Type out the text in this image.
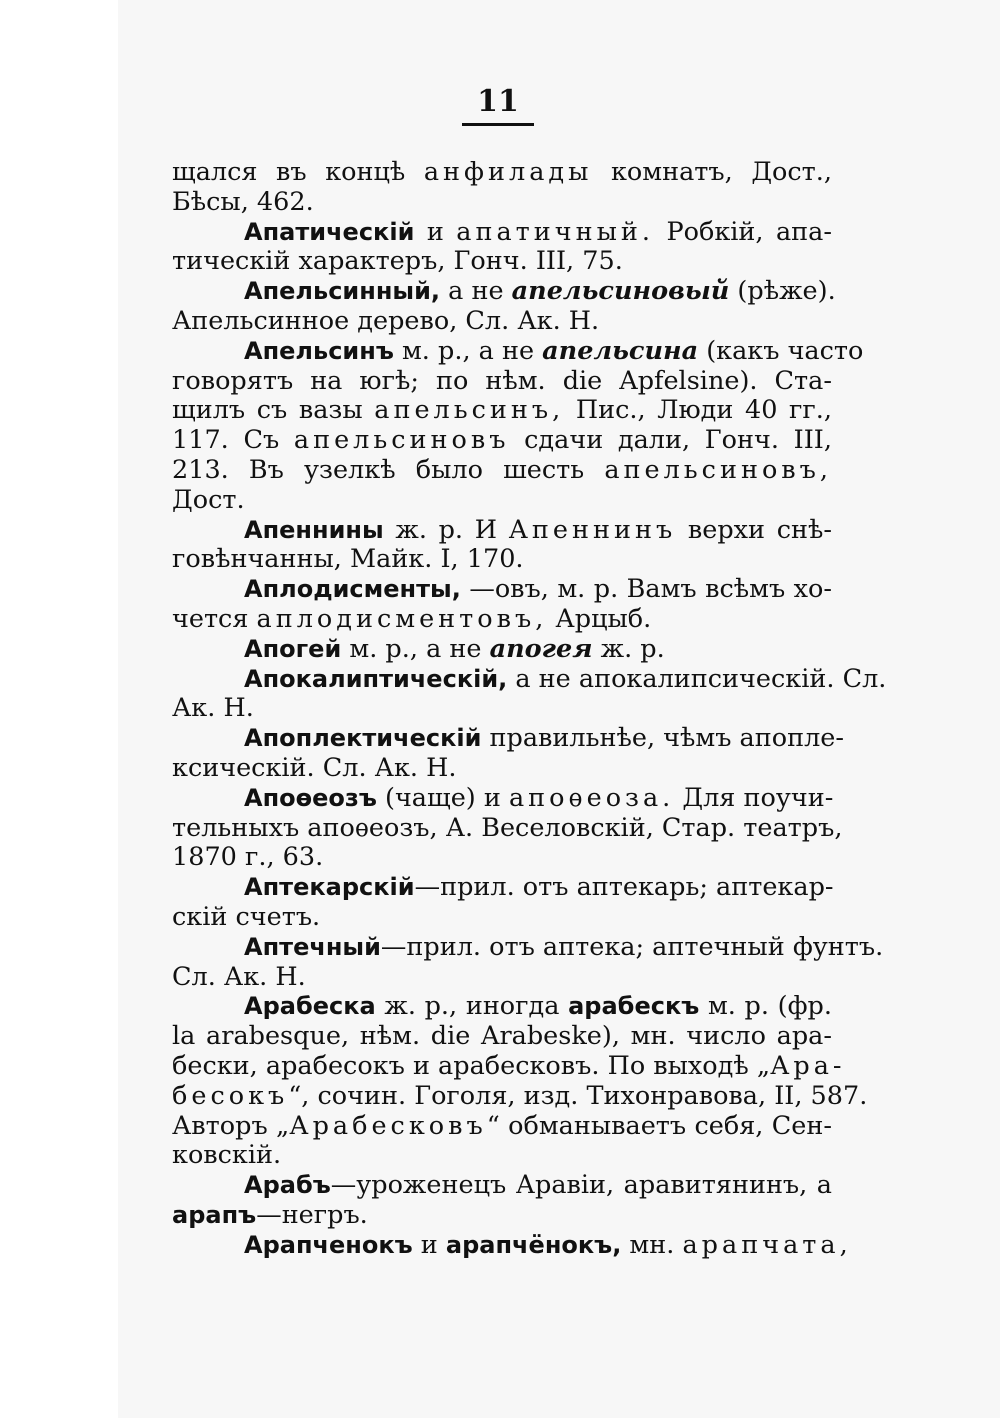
11
щался въ концѣ анфилады комнатъ, Дост.,
Бѣсы, 462.
Апатическій и апатичный. Робкій, апа-
тическій характеръ, Гонч. III, 75.
Апельсинный, а не апельсиновый (рѣже).
Апельсинное дерево, Сл. Ак. Н.
Апельсинъ м. р., а не апельсина (какъ часто
говорятъ на югѣ; по нѣм. die Apfelsine). Ста-
щилъ съ вазы апельсинъ, Пис., Люди 40 гг.,
117. Съ апельсиновъ сдачи дали, Гонч. III,
213. Въ узелкѣ было шесть апельсиновъ,
Дост.
Апеннины ж. р. И Апеннинъ верхи снѣ-
говѣнчанны, Майк. I, 170.
Аплодисменты, —овъ, м. р. Вамъ всѣмъ хо-
чется аплодисментовъ, Арцыб.
Апогей м. р., а не апогея ж. р.
Апокалиптическій, а не апокалипсическій. Сл.
Ак. Н.
Апоплектическій правильнѣе, чѣмъ апопле-
ксическій. Сл. Ак. Н.
Апоѳеозъ (чаще) и апоѳеоза. Для поучи-
тельныхъ апоѳеозъ, А. Веселовскій, Стар. театръ,
1870 г., 63.
Аптекарскій—прил. отъ аптекарь; аптекар-
скій счетъ.
Аптечный—прил. отъ аптека; аптечный фунтъ.
Сл. Ак. Н.
Арабеска ж. р., иногда арабескъ м. р. (фр.
la arabesque, нѣм. die Arabeske), мн. число ара-
бески, арабесокъ и арабесковъ. По выходѣ „Ара-
бесокъ“, сочин. Гоголя, изд. Тихонравова, II, 587.
Авторъ „Арабесковъ“ обманываетъ себя, Сен-
ковскій.
Арабъ—уроженецъ Аравіи, аравитянинъ, а
арапъ—негръ.
Арапченокъ и арапчёнокъ, мн. арапчата,
